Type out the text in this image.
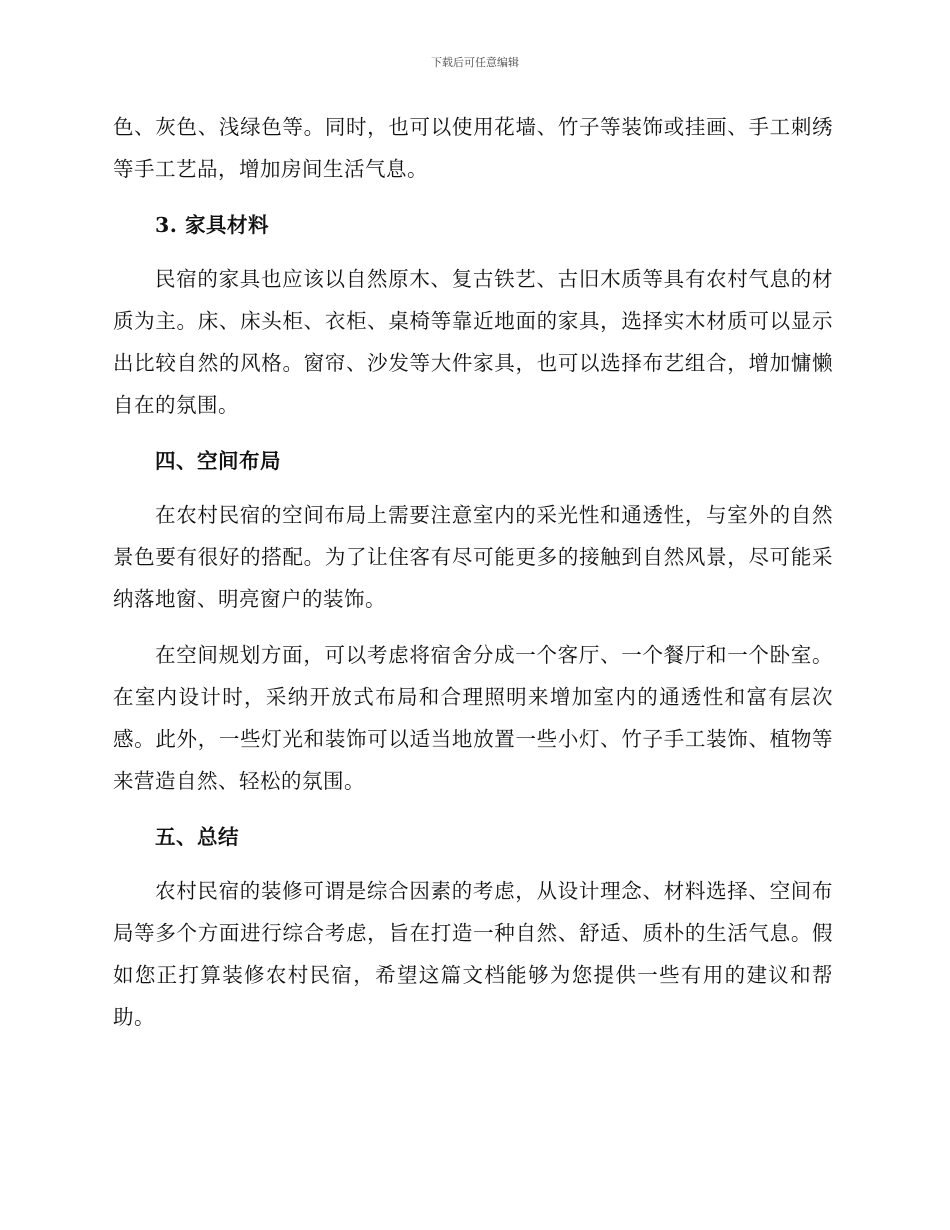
下载后可任意编辑

色、灰色、浅绿色等。同时，也可以使用花墙、竹子等装饰或挂画、手工刺绣等手工艺品，增加房间生活气息。

3. 家具材料

民宿的家具也应该以自然原木、复古铁艺、古旧木质等具有农村气息的材质为主。床、床头柜、衣柜、桌椅等靠近地面的家具，选择实木材质可以显示出比较自然的风格。窗帘、沙发等大件家具，也可以选择布艺组合，增加慵懒自在的氛围。

四、空间布局

在农村民宿的空间布局上需要注意室内的采光性和通透性，与室外的自然景色要有很好的搭配。为了让住客有尽可能更多的接触到自然风景，尽可能采纳落地窗、明亮窗户的装饰。

在空间规划方面，可以考虑将宿舍分成一个客厅、一个餐厅和一个卧室。在室内设计时，采纳开放式布局和合理照明来增加室内的通透性和富有层次感。此外，一些灯光和装饰可以适当地放置一些小灯、竹子手工装饰、植物等来营造自然、轻松的氛围。

五、总结

农村民宿的装修可谓是综合因素的考虑，从设计理念、材料选择、空间布局等多个方面进行综合考虑，旨在打造一种自然、舒适、质朴的生活气息。假如您正打算装修农村民宿，希望这篇文档能够为您提供一些有用的建议和帮助。
